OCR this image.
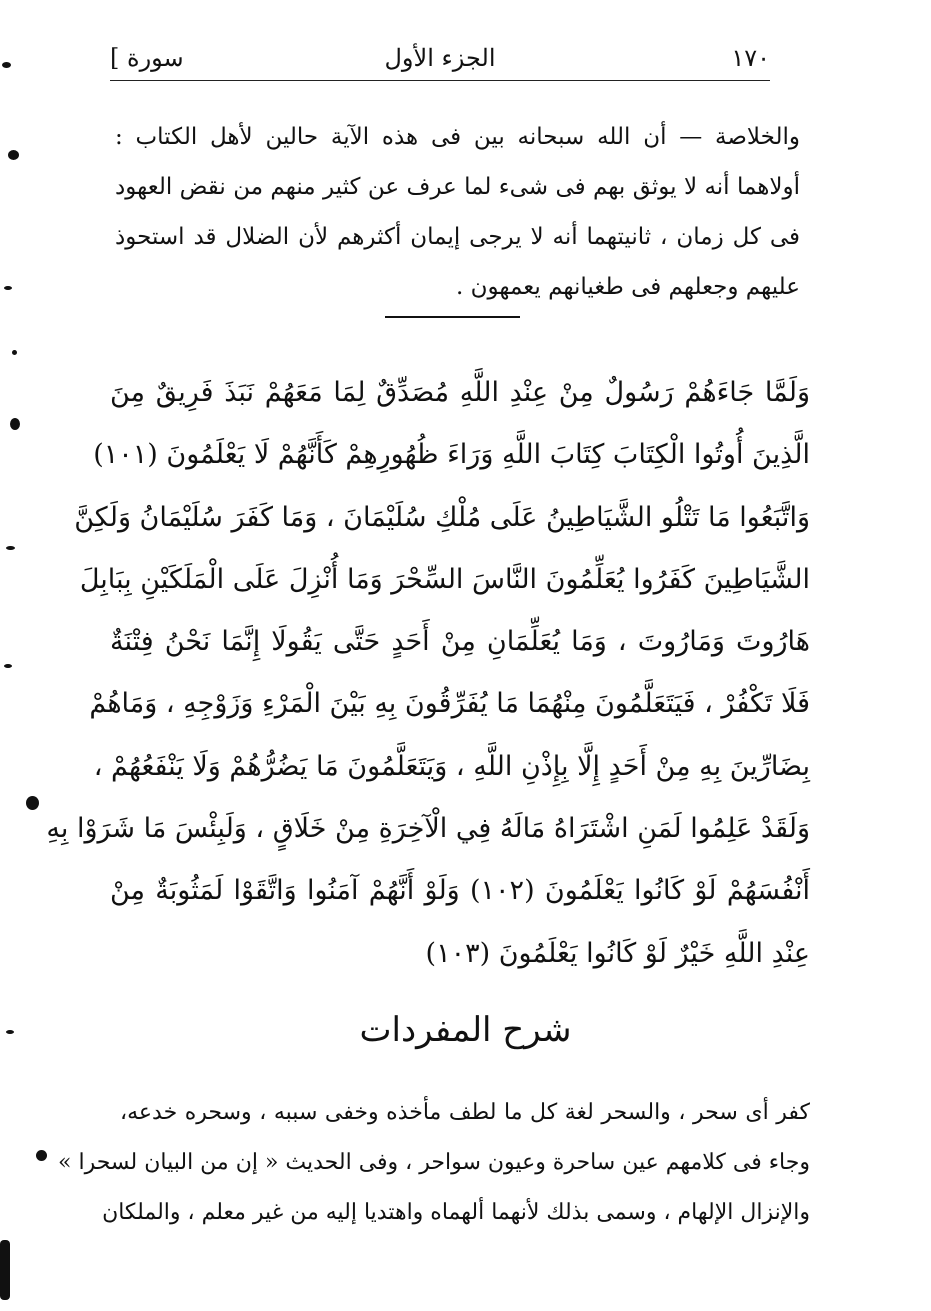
١٧٠
الجزء الأول
سورة ]
والخلاصة — أن الله سبحانه بين فى هذه الآية حالين لأهل الكتاب : أولاهما أنه لا يوثق بهم فى شىء لما عرف عن كثير منهم من نقض العهود فى كل زمان ، ثانيتهما أنه لا يرجى إيمان أكثرهم لأن الضلال قد استحوذ عليهم وجعلهم فى طغيانهم يعمهون .
وَلَمَّا جَاءَهُمْ رَسُولٌ مِنْ عِنْدِ اللَّهِ مُصَدِّقٌ لِمَا مَعَهُمْ نَبَذَ فَرِيقٌ مِنَ
الَّذِينَ أُوتُوا الْكِتَابَ كِتَابَ اللَّهِ وَرَاءَ ظُهُورِهِمْ كَأَنَّهُمْ لَا يَعْلَمُونَ (١٠١)
وَاتَّبَعُوا مَا تَتْلُو الشَّيَاطِينُ عَلَى مُلْكِ سُلَيْمَانَ ، وَمَا كَفَرَ سُلَيْمَانُ وَلَكِنَّ
الشَّيَاطِينَ كَفَرُوا يُعَلِّمُونَ النَّاسَ السِّحْرَ وَمَا أُنْزِلَ عَلَى الْمَلَكَيْنِ بِبَابِلَ
هَارُوتَ وَمَارُوتَ ، وَمَا يُعَلِّمَانِ مِنْ أَحَدٍ حَتَّى يَقُولَا إِنَّمَا نَحْنُ فِتْنَةٌ
فَلَا تَكْفُرْ ، فَيَتَعَلَّمُونَ مِنْهُمَا مَا يُفَرِّقُونَ بِهِ بَيْنَ الْمَرْءِ وَزَوْجِهِ ، وَمَاهُمْ
بِضَارِّينَ بِهِ مِنْ أَحَدٍ إِلَّا بِإِذْنِ اللَّهِ ، وَيَتَعَلَّمُونَ مَا يَضُرُّهُمْ وَلَا يَنْفَعُهُمْ ،
وَلَقَدْ عَلِمُوا لَمَنِ اشْتَرَاهُ مَالَهُ فِي الْآخِرَةِ مِنْ خَلَاقٍ ، وَلَبِئْسَ مَا شَرَوْا بِهِ
أَنْفُسَهُمْ لَوْ كَانُوا يَعْلَمُونَ (١٠٢) وَلَوْ أَنَّهُمْ آمَنُوا وَاتَّقَوْا لَمَثُوبَةٌ مِنْ
عِنْدِ اللَّهِ خَيْرٌ لَوْ كَانُوا يَعْلَمُونَ (١٠٣)
شرح المفردات
كفر أى سحر ، والسحر لغة كل ما لطف مأخذه وخفى سببه ، وسحره خدعه،
وجاء فى كلامهم عين ساحرة وعيون سواحر ، وفى الحديث « إن من البيان لسحرا »
والإنزال الإلهام ، وسمى بذلك لأنهما ألهماه واهتديا إليه من غير معلم ، والملكان
